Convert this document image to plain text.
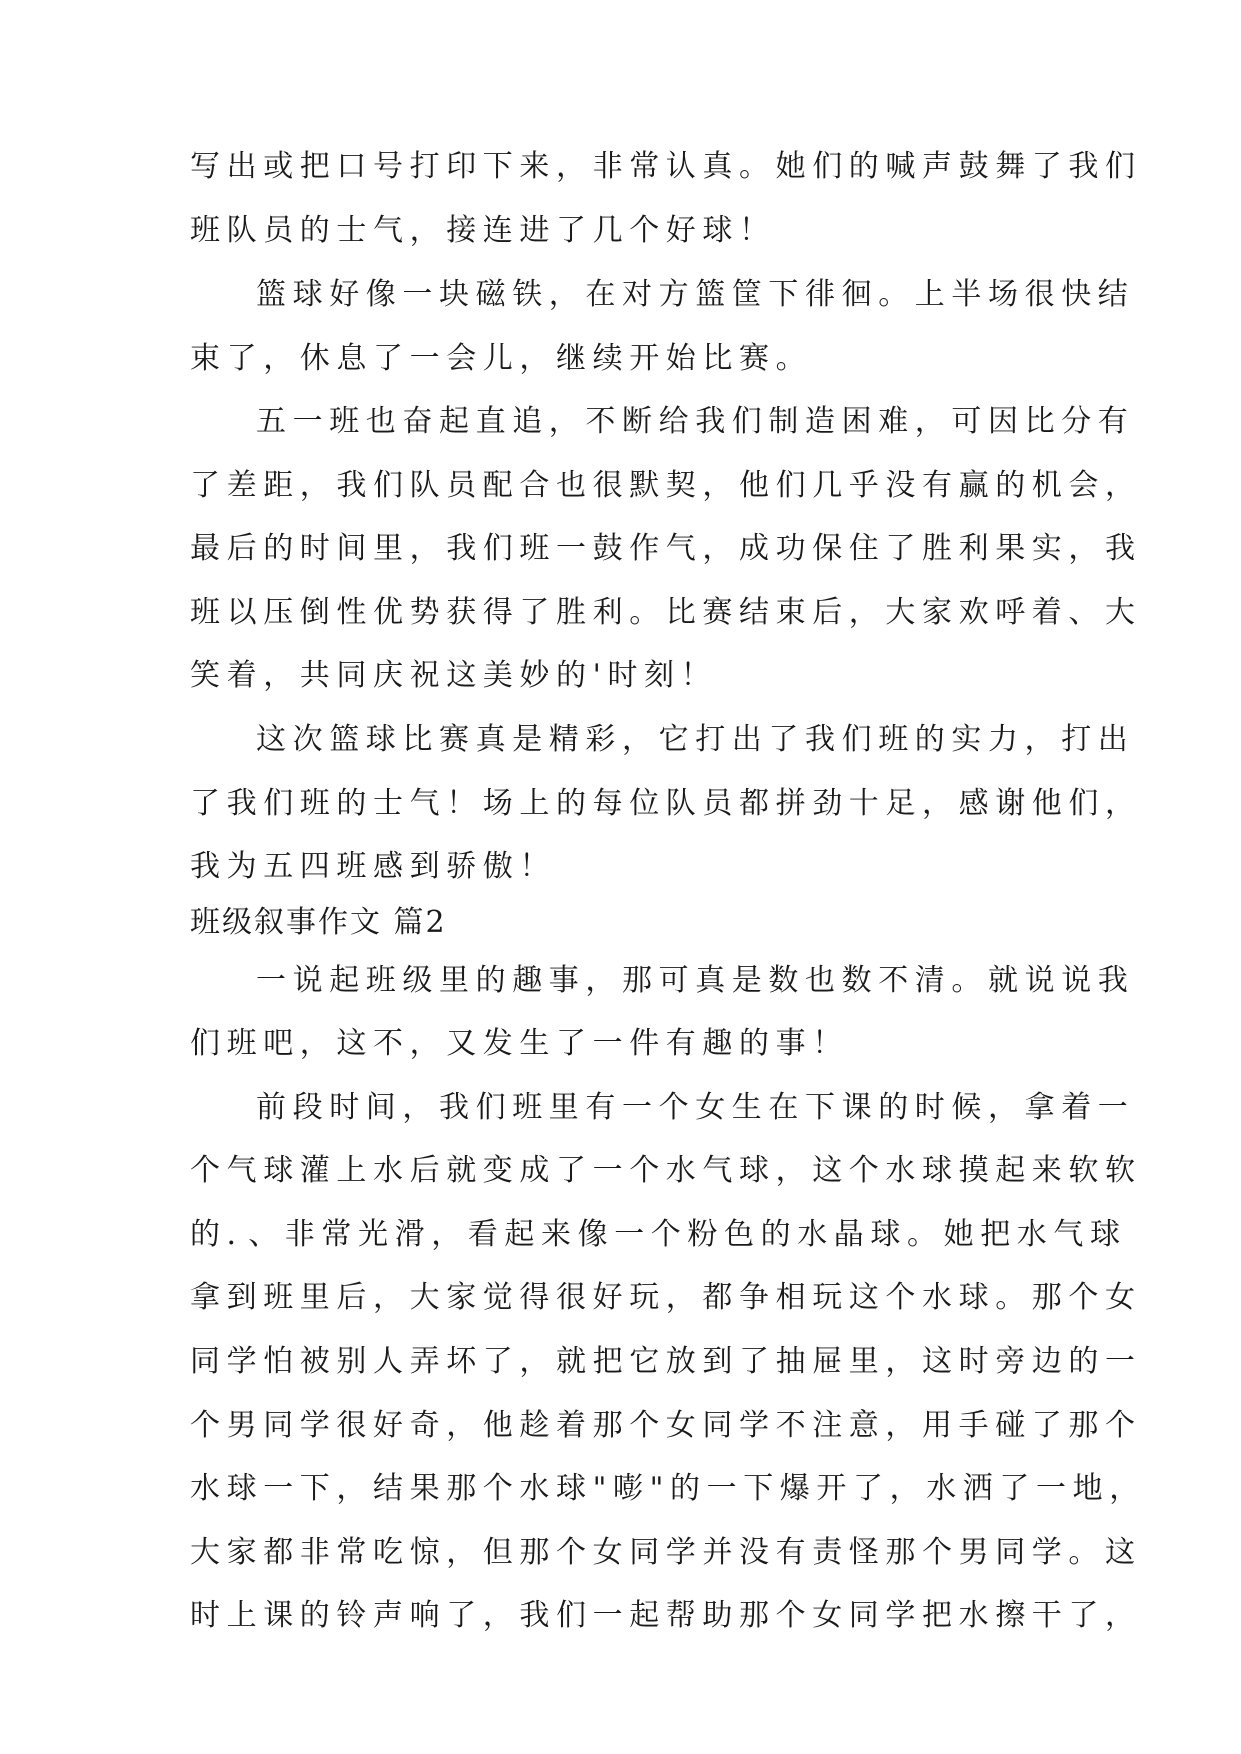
写出或把口号打印下来，非常认真。她们的喊声鼓舞了我们
班队员的士气，接连进了几个好球！
篮球好像一块磁铁，在对方篮筐下徘徊。上半场很快结
束了，休息了一会儿，继续开始比赛。
五一班也奋起直追，不断给我们制造困难，可因比分有
了差距，我们队员配合也很默契，他们几乎没有赢的机会，
最后的时间里，我们班一鼓作气，成功保住了胜利果实，我
班以压倒性优势获得了胜利。比赛结束后，大家欢呼着、大
笑着，共同庆祝这美妙的'时刻！
这次篮球比赛真是精彩，它打出了我们班的实力，打出
了我们班的士气！场上的每位队员都拼劲十足，感谢他们，
我为五四班感到骄傲！
班级叙事作文 篇2
一说起班级里的趣事，那可真是数也数不清。就说说我
们班吧，这不，又发生了一件有趣的事！
前段时间，我们班里有一个女生在下课的时候，拿着一
个气球灌上水后就变成了一个水气球，这个水球摸起来软软
的．、非常光滑，看起来像一个粉色的水晶球。她把水气球
拿到班里后，大家觉得很好玩，都争相玩这个水球。那个女
同学怕被别人弄坏了，就把它放到了抽屉里，这时旁边的一
个男同学很好奇，他趁着那个女同学不注意，用手碰了那个
水球一下，结果那个水球"嘭"的一下爆开了，水洒了一地，
大家都非常吃惊，但那个女同学并没有责怪那个男同学。这
时上课的铃声响了，我们一起帮助那个女同学把水擦干了，
